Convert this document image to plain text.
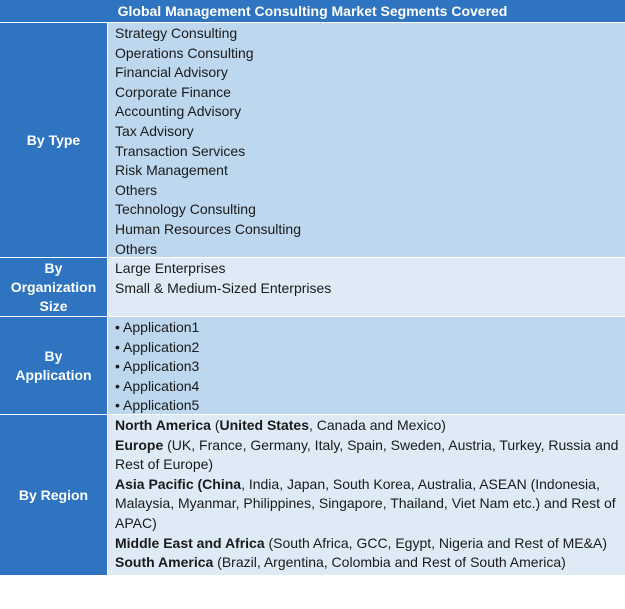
Global Management Consulting Market Segments Covered
By Type
Strategy Consulting
Operations Consulting
Financial Advisory
Corporate Finance
Accounting Advisory
Tax Advisory
Transaction Services
Risk Management
Others
Technology Consulting
Human Resources Consulting
Others
By
Organization
Size
Large Enterprises
Small & Medium-Sized Enterprises
By
Application
• Application1
• Application2
• Application3
• Application4
• Application5
By Region
North America (United States, Canada and Mexico)
Europe (UK, France, Germany, Italy, Spain, Sweden, Austria, Turkey, Russia and
Rest of Europe)
Asia Pacific (China, India, Japan, South Korea, Australia, ASEAN (Indonesia,
Malaysia, Myanmar, Philippines, Singapore, Thailand, Viet Nam etc.) and Rest of
APAC)
Middle East and Africa (South Africa, GCC, Egypt, Nigeria and Rest of ME&A)
South America (Brazil, Argentina, Colombia and Rest of South America)
